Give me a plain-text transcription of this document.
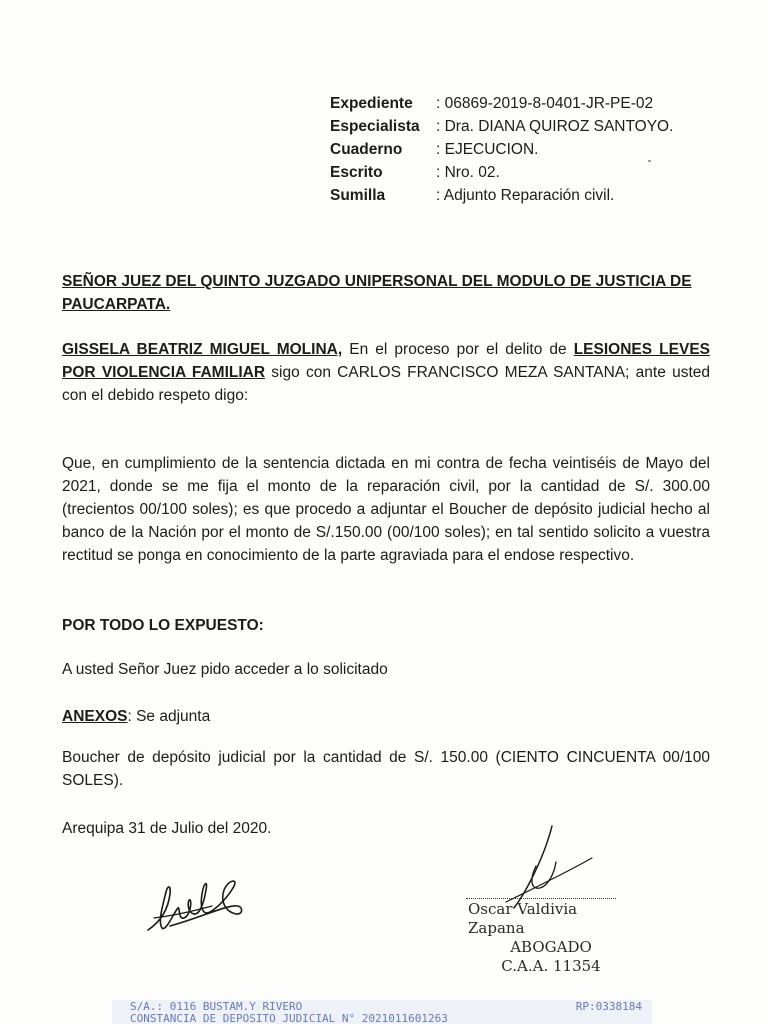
Expediente	: 06869-2019-8-0401-JR-PE-02
Especialista	: Dra. DIANA QUIROZ SANTOYO.
Cuaderno	: EJECUCION.
Escrito	: Nro. 02.
Sumilla	: Adjunto Reparación civil.
SEÑOR JUEZ DEL QUINTO JUZGADO UNIPERSONAL DEL MODULO DE JUSTICIA DE PAUCARPATA.
GISSELA BEATRIZ MIGUEL MOLINA, En el proceso por el delito de LESIONES LEVES POR VIOLENCIA FAMILIAR sigo con CARLOS FRANCISCO MEZA SANTANA; ante usted con el debido respeto digo:
Que, en cumplimiento de la sentencia dictada en mi contra de fecha veintiséis de Mayo del 2021, donde se me fija el monto de la reparación civil, por la cantidad de S/. 300.00 (trecientos 00/100 soles); es que procedo a adjuntar el Boucher de depósito judicial hecho al banco de la Nación por el monto de S/.150.00 (00/100 soles); en tal sentido solicito a vuestra rectitud se ponga en conocimiento de la parte agraviada para el endose respectivo.
POR TODO LO EXPUESTO:
A usted Señor Juez pido acceder a lo solicitado
ANEXOS: Se adjunta
Boucher de depósito judicial por la cantidad de S/. 150.00 (CIENTO CINCUENTA 00/100 SOLES).
Arequipa 31 de Julio del 2020.
Oscar Valdivia Zapana
ABOGADO
C.A.A. 11354
S/A.: 0116 BUSTAM.Y RIVERO	RP:0338184
CONSTANCIA DE DEPOSITO JUDICIAL N° 2021011601263
